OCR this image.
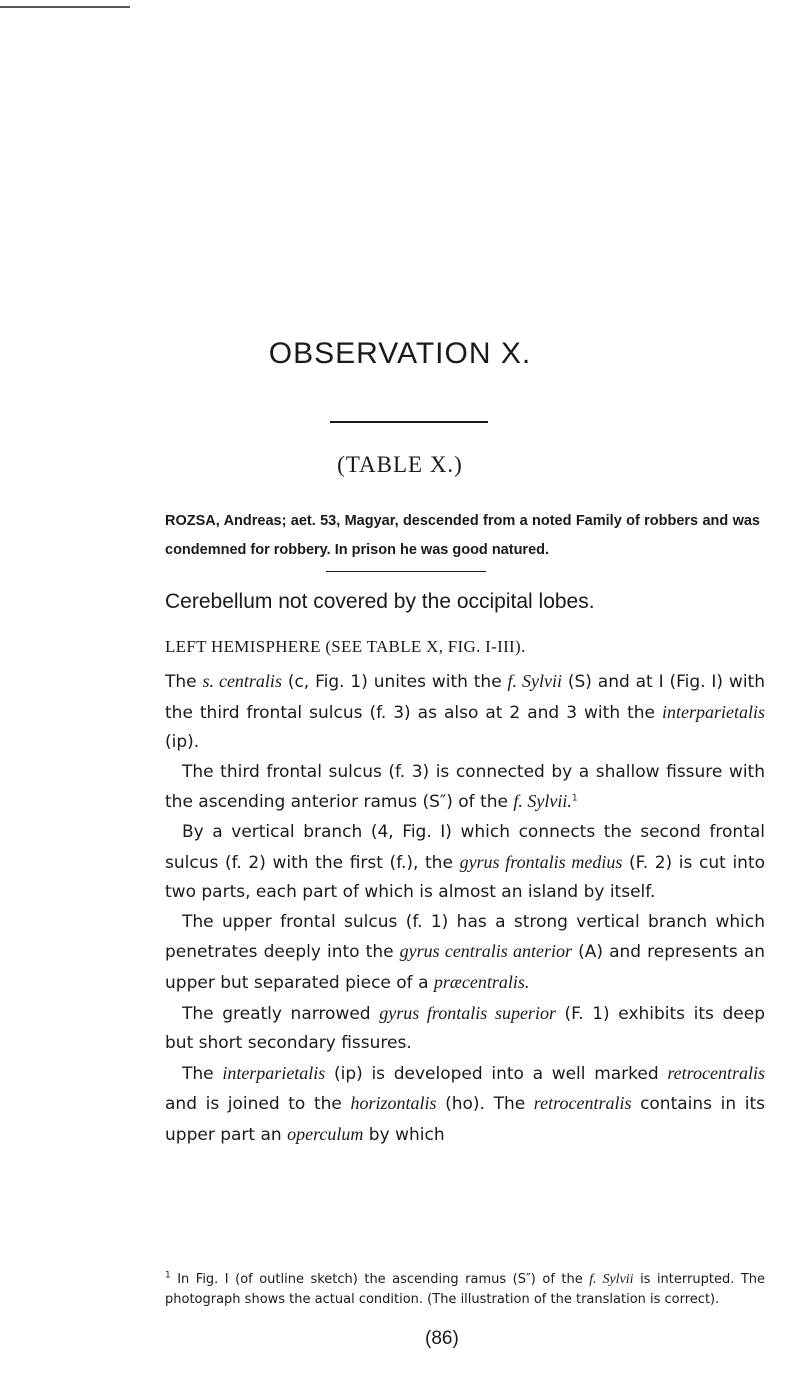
OBSERVATION X.
(TABLE X.)
ROZSA, Andreas; aet. 53, Magyar, descended from a noted Family of robbers and was condemned for robbery. In prison he was good natured.
Cerebellum not covered by the occipital lobes.
LEFT HEMISPHERE (SEE TABLE X, FIG. I-III).

The s. centralis (c, Fig. 1) unites with the f. Sylvii (S) and at I (Fig. I) with the third frontal sulcus (f. 3) as also at 2 and 3 with the interparietalis (ip).

The third frontal sulcus (f. 3) is connected by a shallow fissure with the ascending anterior ramus (S″) of the f. Sylvii.$^1$

By a vertical branch (4, Fig. I) which connects the second frontal sulcus (f. 2) with the first (f.), the gyrus frontalis medius (F. 2) is cut into two parts, each part of which is almost an island by itself.

The upper frontal sulcus (f. 1) has a strong vertical branch which penetrates deeply into the gyrus centralis anterior (A) and represents an upper but separated piece of a præcentralis.

The greatly narrowed gyrus frontalis superior (F. 1) exhibits its deep but short secondary fissures.

The interparietalis (ip) is developed into a well marked retrocentralis and is joined to the horizontalis (ho). The retrocentralis contains in its upper part an operculum by which

$^1$ In Fig. I (of outline sketch) the ascending ramus (S″) of the f. Sylvii is interrupted. The photograph shows the actual condition. (The illustration of the translation is correct).
(86)
